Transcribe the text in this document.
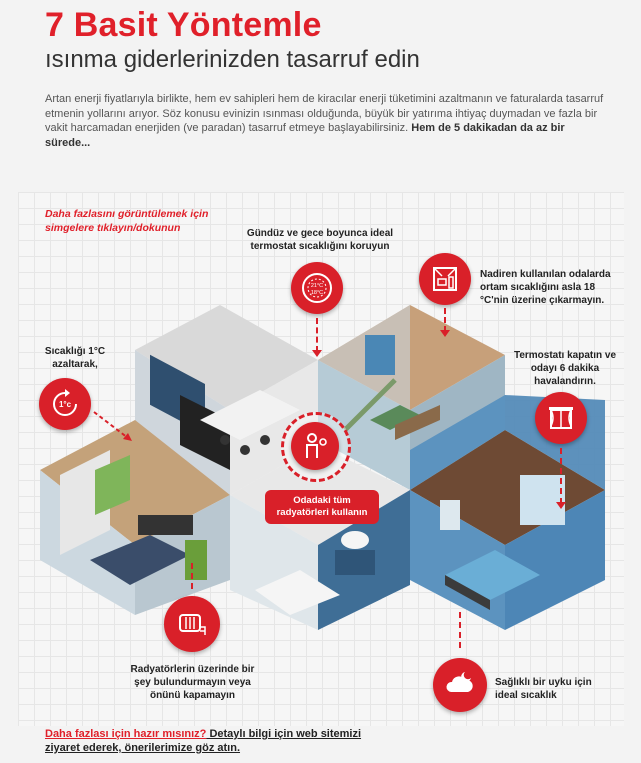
7 Basit Yöntemle
ısınma giderlerinizden tasarruf edin

Artan enerji fiyatlarıyla birlikte, hem ev sahipleri hem de kiracılar enerji tüketimini azaltmanın ve faturalarda tasarruf etmenin yollarını arıyor. Söz konusu evinizin ısınması olduğunda, büyük bir yatırıma ihtiyaç duymadan ve fazla bir vakit harcamadan enerjiden (ve paradan) tasarruf etmeye başlayabilirsiniz. Hem de 5 dakikadan da az bir sürede...

Daha fazlasını görüntülemek için simgelere tıklayın/dokunun
Odadaki tüm radyatörleri kullanın
Gündüz ve gece boyunca ideal termostat sıcaklığını koruyun
21°C
18°C
Nadiren kullanılan odalarda ortam sıcaklığını asla 18 °C'nin üzerine çıkarmayın.
Sıcaklığı 1°C azaltarak,
1°c
Termostatı kapatın ve odayı 6 dakika havalandırın.
Radyatörlerin üzerinde bir şey bulundurmayın veya önünü kapamayın
Sağlıklı bir uyku için ideal sıcaklık
Daha fazlası için hazır mısınız? Detaylı bilgi için web sitemizi ziyaret ederek, önerilerimize göz atın.
